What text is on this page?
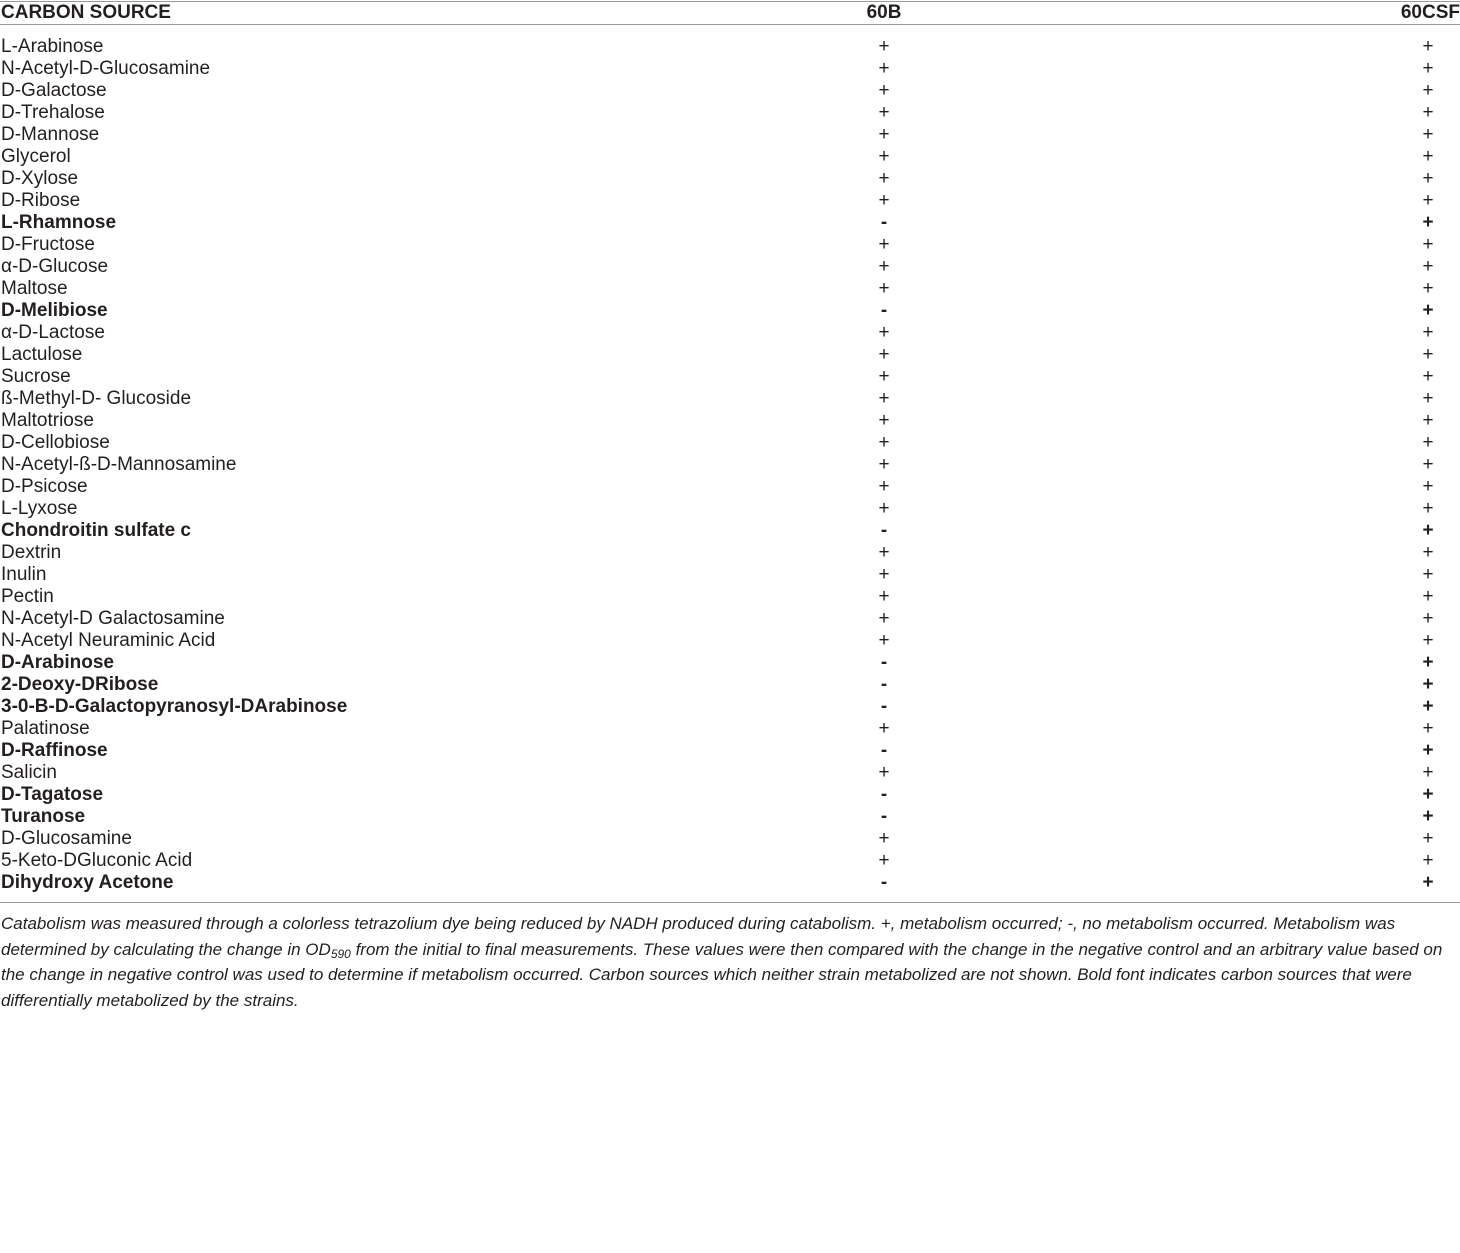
CARBON SOURCE	60B	60CSF
L-Arabinose	+	+
N-Acetyl-D-Glucosamine	+	+
D-Galactose	+	+
D-Trehalose	+	+
D-Mannose	+	+
Glycerol	+	+
D-Xylose	+	+
D-Ribose	+	+
L-Rhamnose	-	+
D-Fructose	+	+
α-D-Glucose	+	+
Maltose	+	+
D-Melibiose	-	+
α-D-Lactose	+	+
Lactulose	+	+
Sucrose	+	+
ß-Methyl-D- Glucoside	+	+
Maltotriose	+	+
D-Cellobiose	+	+
N-Acetyl-ß-D-Mannosamine	+	+
D-Psicose	+	+
L-Lyxose	+	+
Chondroitin sulfate c	-	+
Dextrin	+	+
Inulin	+	+
Pectin	+	+
N-Acetyl-D Galactosamine	+	+
N-Acetyl Neuraminic Acid	+	+
D-Arabinose	-	+
2-Deoxy-DRibose	-	+
3-0-B-D-Galactopyranosyl-DArabinose	-	+
Palatinose	+	+
D-Raffinose	-	+
Salicin	+	+
D-Tagatose	-	+
Turanose	-	+
D-Glucosamine	+	+
5-Keto-DGluconic Acid	+	+
Dihydroxy Acetone	-	+
Catabolism was measured through a colorless tetrazolium dye being reduced by NADH produced during catabolism. +, metabolism occurred; -, no metabolism occurred. Metabolism was determined by calculating the change in $OD_{590}$ from the initial to final measurements. These values were then compared with the change in the negative control and an arbitrary value based on the change in negative control was used to determine if metabolism occurred. Carbon sources which neither strain metabolized are not shown. Bold font indicates carbon sources that were differentially metabolized by the strains.
